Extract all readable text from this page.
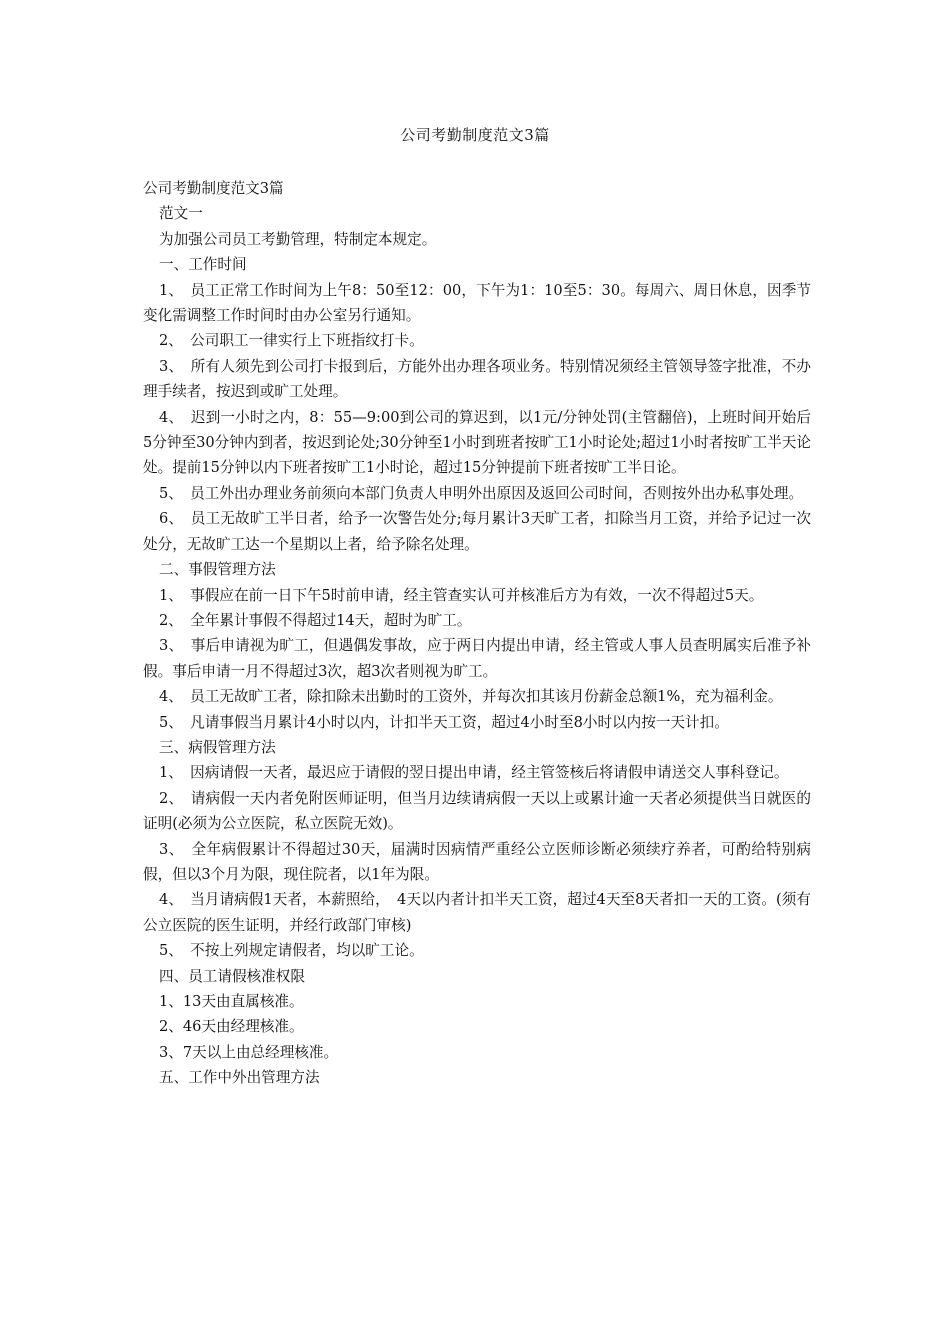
公司考勤制度范文3篇

公司考勤制度范文3篇

范文一

为加强公司员工考勤管理，特制定本规定。

一、工作时间

1、　员工正常工作时间为上午8：50至12：00，下午为1：10至5：30。每周六、周日休息，因季节变化需调整工作时间时由办公室另行通知。

2、　公司职工一律实行上下班指纹打卡。

3、　所有人须先到公司打卡报到后，方能外出办理各项业务。特别情况须经主管领导签字批准，不办理手续者，按迟到或旷工处理。

4、　迟到一小时之内，8：55—9:00到公司的算迟到，以1元/分钟处罚(主管翻倍)，上班时间开始后5分钟至30分钟内到者，按迟到论处;30分钟至1小时到班者按旷工1小时论处;超过1小时者按旷工半天论处。提前15分钟以内下班者按旷工1小时论，超过15分钟提前下班者按旷工半日论。

5、　员工外出办理业务前须向本部门负责人申明外出原因及返回公司时间，否则按外出办私事处理。

6、　员工无故旷工半日者，给予一次警告处分;每月累计3天旷工者，扣除当月工资，并给予记过一次处分，无故旷工达一个星期以上者，给予除名处理。

二、事假管理方法

1、　事假应在前一日下午5时前申请，经主管查实认可并核准后方为有效，一次不得超过5天。

2、　全年累计事假不得超过14天，超时为旷工。

3、　事后申请视为旷工，但遇偶发事故，应于两日内提出申请，经主管或人事人员查明属实后准予补假。事后申请一月不得超过3次，超3次者则视为旷工。

4、　员工无故旷工者，除扣除未出勤时的工资外，并每次扣其该月份薪金总额1%，充为福利金。

5、　凡请事假当月累计4小时以内，计扣半天工资，超过4小时至8小时以内按一天计扣。

三、病假管理方法

1、　因病请假一天者，最迟应于请假的翌日提出申请，经主管签核后将请假申请送交人事科登记。

2、　请病假一天内者免附医师证明，但当月边续请病假一天以上或累计逾一天者必须提供当日就医的证明(必须为公立医院，私立医院无效)。

3、　全年病假累计不得超过30天，届满时因病情严重经公立医师诊断必须续疗养者，可酌给特别病假，但以3个月为限，现住院者，以1年为限。

4、　当月请病假1天者，本薪照给，　4天以内者计扣半天工资，超过4天至8天者扣一天的工资。(须有公立医院的医生证明，并经行政部门审核)

5、　不按上列规定请假者，均以旷工论。

四、员工请假核准权限

1、13天由直属核准。

2、46天由经理核准。

3、7天以上由总经理核准。

五、工作中外出管理方法
